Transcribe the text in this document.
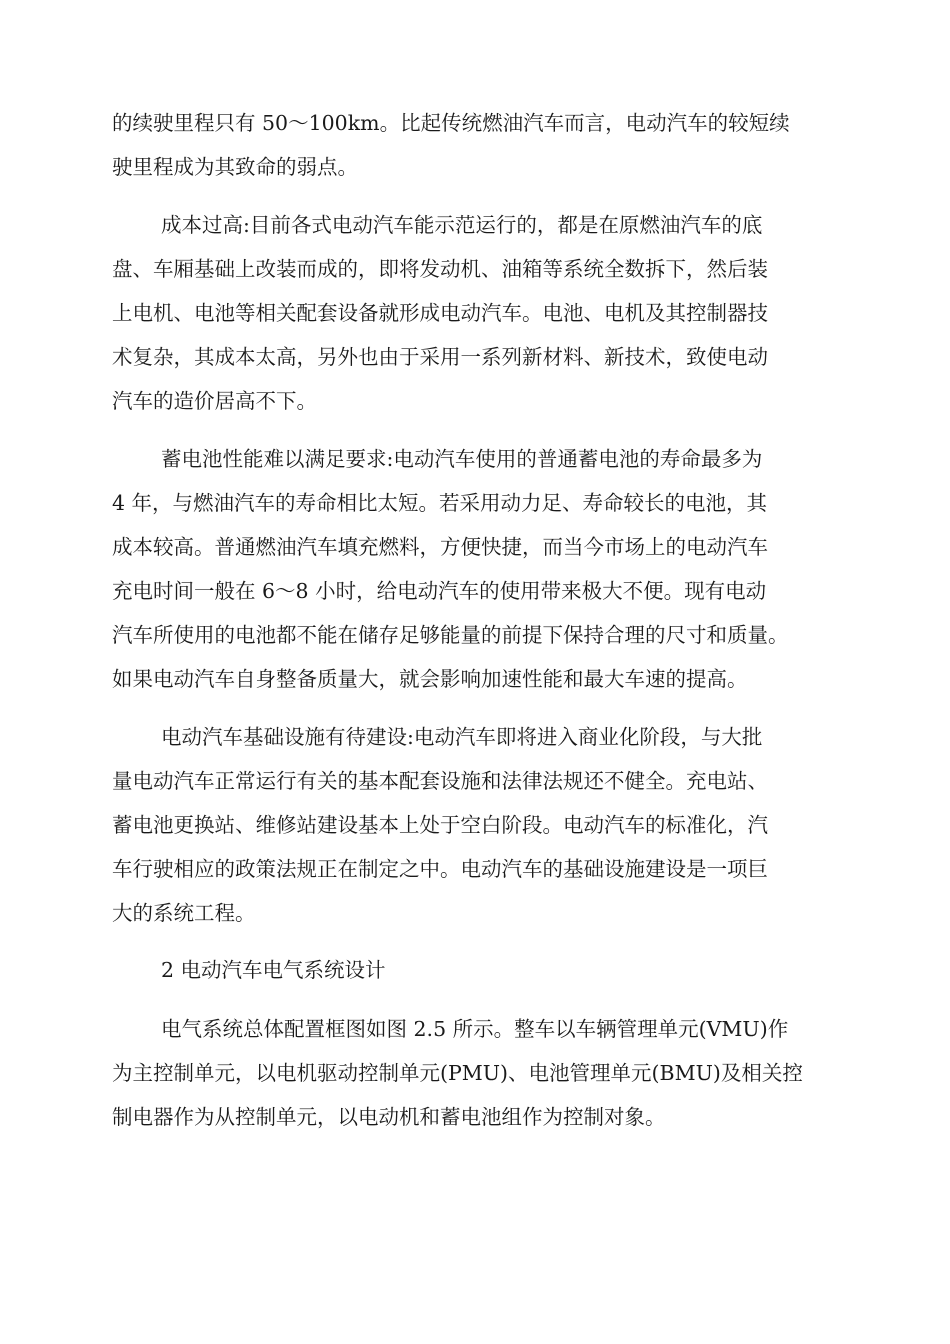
的续驶里程只有 50～100km。比起传统燃油汽车而言，电动汽车的较短续
驶里程成为其致命的弱点。

成本过高:目前各式电动汽车能示范运行的，都是在原燃油汽车的底
盘、车厢基础上改装而成的，即将发动机、油箱等系统全数拆下，然后装
上电机、电池等相关配套设备就形成电动汽车。电池、电机及其控制器技
术复杂，其成本太高，另外也由于采用一系列新材料、新技术，致使电动
汽车的造价居高不下。

蓄电池性能难以满足要求:电动汽车使用的普通蓄电池的寿命最多为
4 年，与燃油汽车的寿命相比太短。若采用动力足、寿命较长的电池，其
成本较高。普通燃油汽车填充燃料，方便快捷，而当今市场上的电动汽车
充电时间一般在 6～8 小时，给电动汽车的使用带来极大不便。现有电动
汽车所使用的电池都不能在储存足够能量的前提下保持合理的尺寸和质量。
如果电动汽车自身整备质量大，就会影响加速性能和最大车速的提高。

电动汽车基础设施有待建设:电动汽车即将进入商业化阶段，与大批
量电动汽车正常运行有关的基本配套设施和法律法规还不健全。充电站、
蓄电池更换站、维修站建设基本上处于空白阶段。电动汽车的标准化，汽
车行驶相应的政策法规正在制定之中。电动汽车的基础设施建设是一项巨
大的系统工程。

2 电动汽车电气系统设计

电气系统总体配置框图如图 2.5 所示。整车以车辆管理单元(VMU)作
为主控制单元，以电机驱动控制单元(PMU)、电池管理单元(BMU)及相关控
制电器作为从控制单元，以电动机和蓄电池组作为控制对象。
